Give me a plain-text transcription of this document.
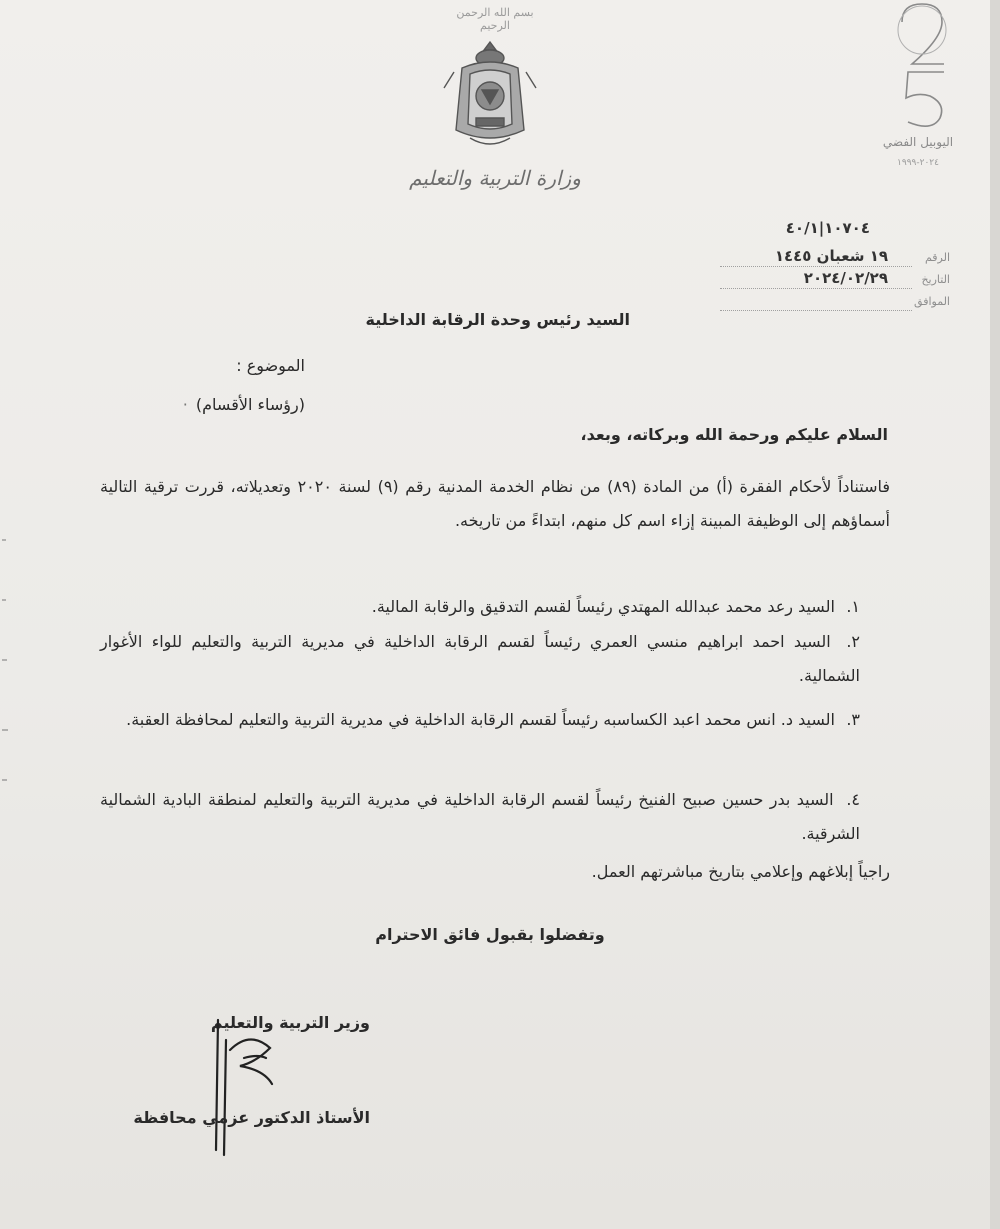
بسم الله الرحمن الرحيم
وزارة التربية والتعليم
اليوبيل الفضي
٢٠٢٤-١٩٩٩
١٠٧٠٤|٤٠/١
الرقم
١٩ شعبان ١٤٤٥
التاريخ
٢٠٢٤/٠٢/٢٩
الموافق
السيد رئيس وحدة الرقابة الداخلية
الموضوع :
(رؤساء الأقسام)·
السلام عليكم ورحمة الله وبركاته، وبعد،
فاستناداً لأحكام الفقرة (أ) من المادة (٨٩) من نظام الخدمة المدنية رقم (٩) لسنة ٢٠٢٠ وتعديلاته، قررت ترقية التالية أسماؤهم إلى الوظيفة المبينة إزاء اسم كل منهم، ابتداءً من تاريخه.
١. السيد رعد محمد عبدالله المهتدي رئيساً لقسم التدقيق والرقابة المالية.
٢. السيد احمد ابراهيم منسي العمري رئيساً لقسم الرقابة الداخلية في مديرية التربية والتعليم للواء الأغوار الشمالية.
٣. السيد د. انس محمد اعبد الكساسبه رئيساً لقسم الرقابة الداخلية في مديرية التربية والتعليم لمحافظة العقبة.
٤. السيد بدر حسين صبيح الفنيخ رئيساً لقسم الرقابة الداخلية في مديرية التربية والتعليم لمنطقة البادية الشمالية الشرقية.
راجياً إبلاغهم وإعلامي بتاريخ مباشرتهم العمل.
وتفضلوا بقبول فائق الاحترام
وزير التربية والتعليم
الأستاذ الدكتور عزمي محافظة
